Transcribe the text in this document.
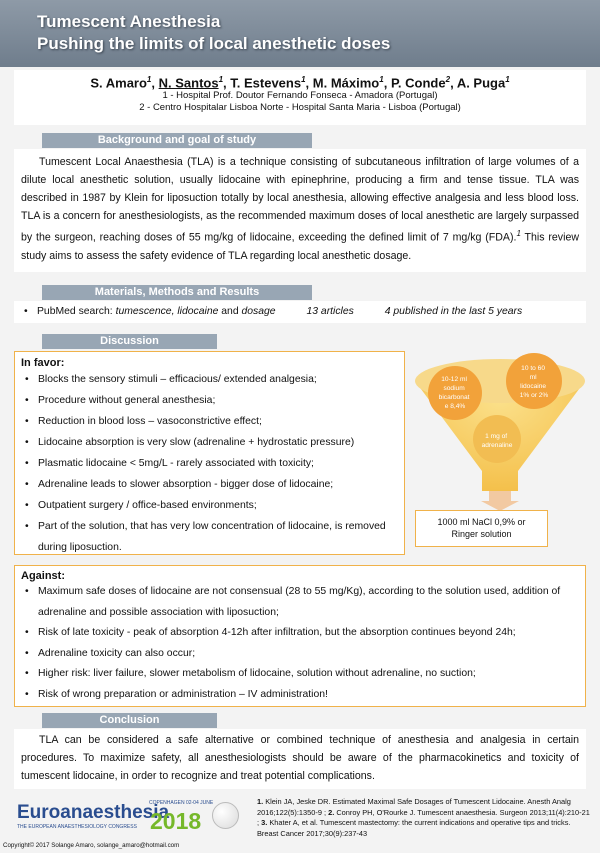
Tumescent Anesthesia
Pushing the limits of local anesthetic doses
S. Amaro$^1$, N. Santos$^1$, T. Estevens$^1$, M. Máximo$^1$, P. Conde$^2$, A. Puga$^1$
1 - Hospital Prof. Doutor Fernando Fonseca - Amadora (Portugal)
2 - Centro Hospitalar Lisboa Norte - Hospital Santa Maria - Lisboa (Portugal)
Background and goal of study

Tumescent Local Anaesthesia (TLA) is a technique consisting of subcutaneous infiltration of large volumes of a dilute local anesthetic solution, usually lidocaine with epinephrine, producing a firm and tense tissue. TLA was described in 1987 by Klein for liposuction totally by local anesthesia, allowing effective analgesia and less blood loss. TLA is a concern for anesthesiologists, as the recommended maximum doses of local anesthetic are largely surpassed by the surgeon, reaching doses of 55 mg/kg of lidocaine, exceeding the defined limit of 7 mg/kg (FDA).$^1$ This review study aims to assess the safety evidence of TLA regarding local anesthetic dosage.

Materials, Methods and Results
• PubMed search: tumescence, lidocaine and dosage	13 articles	4 published in the last 5 years
Discussion
In favor:
• Blocks the sensory stimuli – efficacious/ extended analgesia;
• Procedure without general anesthesia;
• Reduction in blood loss – vasoconstrictive effect;
• Lidocaine absorption is very slow (adrenaline + hydrostatic pressure)
• Plasmatic lidocaine < 5mg/L - rarely associated with toxicity;
• Adrenaline leads to slower absorption - bigger dose of lidocaine;
• Outpatient surgery / office-based environments;
• Part of the solution, that has very low concentration of lidocaine, is removed during liposuction.
10-12 ml sodium bicarbonat e 8,4%
10 to 60 ml lidocaine 1% or 2%
1 mg of adrenaline
1000 ml NaCl 0,9% or
Ringer solution
Against:
• Maximum safe doses of lidocaine are not consensual (28 to 55 mg/Kg), according to the solution used, addition of adrenaline and possible association with liposuction;
• Risk of late toxicity - peak of absorption 4-12h after infiltration, but the absorption continues beyond 24h;
• Adrenaline toxicity can also occur;
• Higher risk: liver failure, slower metabolism of lidocaine, solution without adrenaline, no suction;
• Risk of wrong preparation or administration – IV administration!
Conclusion

TLA can be considered a safe alternative or combined technique of anesthesia and analgesia in certain procedures. To maximize safety, all anesthesiologists should be aware of the pharmacokinetics and toxicity of tumescent lidocaine, in order to recognize and treat potential complications.

Euroanaesthesia
THE EUROPEAN ANAESTHESIOLOGY CONGRESS
COPENHAGEN 02-04 JUNE
2018
1. Klein JA, Jeske DR. Estimated Maximal Safe Dosages of Tumescent Lidocaine. Anesth Analg 2016;122(5):1350-9 ; 2. Conroy PH, O'Rourke J. Tumescent anaesthesia. Surgeon 2013;11(4):210-21 ; 3. Khater A, et al. Tumescent mastectomy: the current indications and operative tips and tricks. Breast Cancer 2017;30(9):237-43
Copyright© 2017 Solange Amaro, solange_amaro@hotmail.com
